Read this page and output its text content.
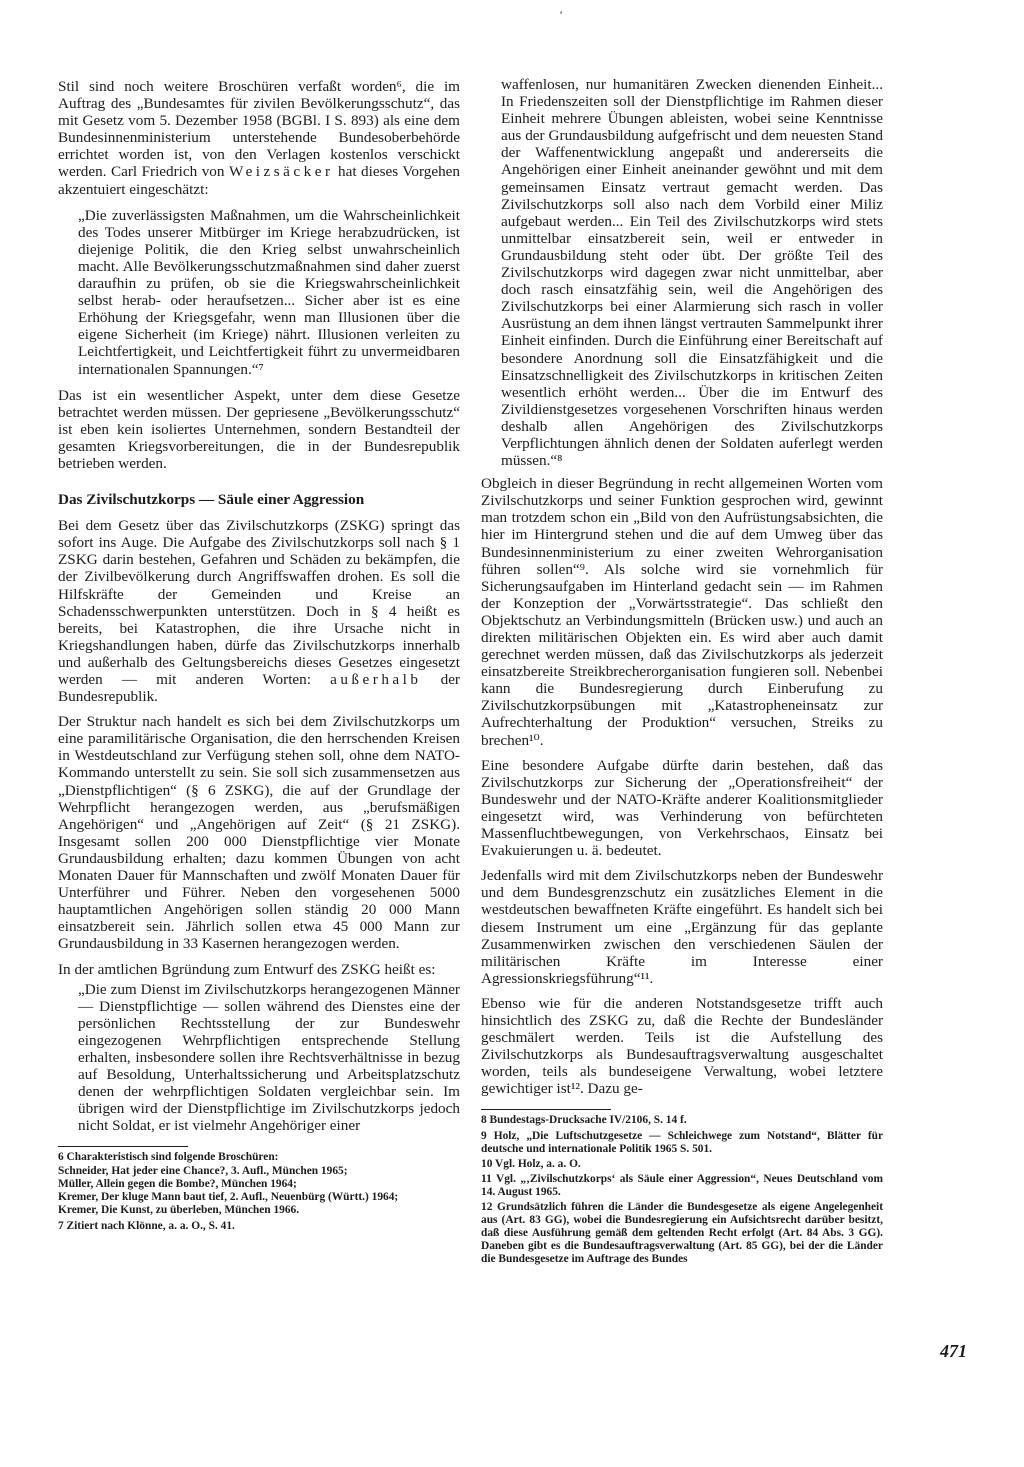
'

Stil sind noch weitere Broschüren verfaßt worden⁶, die im Auftrag des „Bundesamtes für zivilen Bevölkerungsschutz“, das mit Gesetz vom 5. Dezember 1958 (BGBl. I S. 893) als eine dem Bundesinnenministerium unterstehende Bundesoberbehörde errichtet worden ist, von den Verlagen kostenlos verschickt werden. Carl Friedrich von Weizsäcker hat dieses Vorgehen akzentuiert eingeschätzt:

„Die zuverlässigsten Maßnahmen, um die Wahrscheinlichkeit des Todes unserer Mitbürger im Kriege herabzudrücken, ist diejenige Politik, die den Krieg selbst unwahrscheinlich macht. Alle Bevölkerungsschutzmaßnahmen sind daher zuerst daraufhin zu prüfen, ob sie die Kriegswahrscheinlichkeit selbst herab- oder heraufsetzen... Sicher aber ist es eine Erhöhung der Kriegsgefahr, wenn man Illusionen über die eigene Sicherheit (im Kriege) nährt. Illusionen verleiten zu Leichtfertigkeit, und Leichtfertigkeit führt zu unvermeidbaren internationalen Spannungen.“⁷

Das ist ein wesentlicher Aspekt, unter dem diese Gesetze betrachtet werden müssen. Der gepriesene „Bevölkerungsschutz“ ist eben kein isoliertes Unternehmen, sondern Bestandteil der gesamten Kriegsvorbereitungen, die in der Bundesrepublik betrieben werden.

Das Zivilschutzkorps — Säule einer Aggression

Bei dem Gesetz über das Zivilschutzkorps (ZSKG) springt das sofort ins Auge. Die Aufgabe des Zivilschutzkorps soll nach § 1 ZSKG darin bestehen, Gefahren und Schäden zu bekämpfen, die der Zivilbevölkerung durch Angriffswaffen drohen. Es soll die Hilfskräfte der Gemeinden und Kreise an Schadensschwerpunkten unterstützen. Doch in § 4 heißt es bereits, bei Katastrophen, die ihre Ursache nicht in Kriegshandlungen haben, dürfe das Zivilschutzkorps innerhalb und außerhalb des Geltungsbereichs dieses Gesetzes eingesetzt werden — mit anderen Worten: außerhalb der Bundesrepublik.

Der Struktur nach handelt es sich bei dem Zivilschutzkorps um eine paramilitärische Organisation, die den herrschenden Kreisen in Westdeutschland zur Verfügung stehen soll, ohne dem NATO-Kommando unterstellt zu sein. Sie soll sich zusammensetzen aus „Dienstpflichtigen“ (§ 6 ZSKG), die auf der Grundlage der Wehrpflicht herangezogen werden, aus „berufsmäßigen Angehörigen“ und „Angehörigen auf Zeit“ (§ 21 ZSKG). Insgesamt sollen 200 000 Dienstpflichtige vier Monate Grundausbildung erhalten; dazu kommen Übungen von acht Monaten Dauer für Mannschaften und zwölf Monaten Dauer für Unterführer und Führer. Neben den vorgesehenen 5000 hauptamtlichen Angehörigen sollen ständig 20 000 Mann einsatzbereit sein. Jährlich sollen etwa 45 000 Mann zur Grundausbildung in 33 Kasernen herangezogen werden.

In der amtlichen Bgründung zum Entwurf des ZSKG heißt es:

„Die zum Dienst im Zivilschutzkorps herangezogenen Männer — Dienstpflichtige — sollen während des Dienstes eine der persönlichen Rechtsstellung der zur Bundeswehr eingezogenen Wehrpflichtigen entsprechende Stellung erhalten, insbesondere sollen ihre Rechtsverhältnisse in bezug auf Besoldung, Unterhaltssicherung und Arbeitsplatzschutz denen der wehrpflichtigen Soldaten vergleichbar sein. Im übrigen wird der Dienstpflichtige im Zivilschutzkorps jedoch nicht Soldat, er ist vielmehr Angehöriger einer

6 Charakteristisch sind folgende Broschüren:

Schneider, Hat jeder eine Chance?, 3. Aufl., München 1965;

Müller, Allein gegen die Bombe?, München 1964;

Kremer, Der kluge Mann baut tief, 2. Aufl., Neuenbürg (Württ.) 1964;

Kremer, Die Kunst, zu überleben, München 1966.

7 Zitiert nach Klönne, a. a. O., S. 41.

waffenlosen, nur humanitären Zwecken dienenden Einheit... In Friedenszeiten soll der Dienstpflichtige im Rahmen dieser Einheit mehrere Übungen ableisten, wobei seine Kenntnisse aus der Grundausbildung aufgefrischt und dem neuesten Stand der Waffenentwicklung angepaßt und andererseits die Angehörigen einer Einheit aneinander gewöhnt und mit dem gemeinsamen Einsatz vertraut gemacht werden. Das Zivilschutzkorps soll also nach dem Vorbild einer Miliz aufgebaut werden... Ein Teil des Zivilschutzkorps wird stets unmittelbar einsatzbereit sein, weil er entweder in Grundausbildung steht oder übt. Der größte Teil des Zivilschutzkorps wird dagegen zwar nicht unmittelbar, aber doch rasch einsatzfähig sein, weil die Angehörigen des Zivilschutzkorps bei einer Alarmierung sich rasch in voller Ausrüstung an dem ihnen längst vertrauten Sammelpunkt ihrer Einheit einfinden. Durch die Einführung einer Bereitschaft auf besondere Anordnung soll die Einsatzfähigkeit und die Einsatzschnelligkeit des Zivilschutzkorps in kritischen Zeiten wesentlich erhöht werden... Über die im Entwurf des Zivildienstgesetzes vorgesehenen Vorschriften hinaus werden deshalb allen Angehörigen des Zivilschutzkorps Verpflichtungen ähnlich denen der Soldaten auferlegt werden müssen.“⁸

Obgleich in dieser Begründung in recht allgemeinen Worten vom Zivilschutzkorps und seiner Funktion gesprochen wird, gewinnt man trotzdem schon ein „Bild von den Aufrüstungsabsichten, die hier im Hintergrund stehen und die auf dem Umweg über das Bundesinnenministerium zu einer zweiten Wehrorganisation führen sollen“⁹. Als solche wird sie vornehmlich für Sicherungsaufgaben im Hinterland gedacht sein — im Rahmen der Konzeption der „Vorwärtsstrategie“. Das schließt den Objektschutz an Verbindungsmitteln (Brücken usw.) und auch an direkten militärischen Objekten ein. Es wird aber auch damit gerechnet werden müssen, daß das Zivilschutzkorps als jederzeit einsatzbereite Streikbrecherorganisation fungieren soll. Nebenbei kann die Bundesregierung durch Einberufung zu Zivilschutzkorpsübungen mit „Katastropheneinsatz zur Aufrechterhaltung der Produktion“ versuchen, Streiks zu brechen¹⁰.

Eine besondere Aufgabe dürfte darin bestehen, daß das Zivilschutzkorps zur Sicherung der „Operationsfreiheit“ der Bundeswehr und der NATO-Kräfte anderer Koalitionsmitglieder eingesetzt wird, was Verhinderung von befürchteten Massenfluchtbewegungen, von Verkehrschaos, Einsatz bei Evakuierungen u. ä. bedeutet.

Jedenfalls wird mit dem Zivilschutzkorps neben der Bundeswehr und dem Bundesgrenzschutz ein zusätzliches Element in die westdeutschen bewaffneten Kräfte eingeführt. Es handelt sich bei diesem Instrument um eine „Ergänzung für das geplante Zusammenwirken zwischen den verschiedenen Säulen der militärischen Kräfte im Interesse einer Agressionskriegsführung“¹¹.

Ebenso wie für die anderen Notstandsgesetze trifft auch hinsichtlich des ZSKG zu, daß die Rechte der Bundesländer geschmälert werden. Teils ist die Aufstellung des Zivilschutzkorps als Bundesauftragsverwaltung ausgeschaltet worden, teils als bundeseigene Verwaltung, wobei letztere gewichtiger ist¹². Dazu ge-

8 Bundestags-Drucksache IV/2106, S. 14 f.

9 Holz, „Die Luftschutzgesetze — Schleichwege zum Notstand“, Blätter für deutsche und internationale Politik 1965 S. 501.

10 Vgl. Holz, a. a. O.

11 Vgl. „‚Zivilschutzkorps‘ als Säule einer Aggression“, Neues Deutschland vom 14. August 1965.

12 Grundsätzlich führen die Länder die Bundesgesetze als eigene Angelegenheit aus (Art. 83 GG), wobei die Bundesregierung ein Aufsichtsrecht darüber besitzt, daß diese Ausführung gemäß dem geltenden Recht erfolgt (Art. 84 Abs. 3 GG). Daneben gibt es die Bundesauftragsverwaltung (Art. 85 GG), bei der die Länder die Bundesgesetze im Auftrage des Bundes

471
